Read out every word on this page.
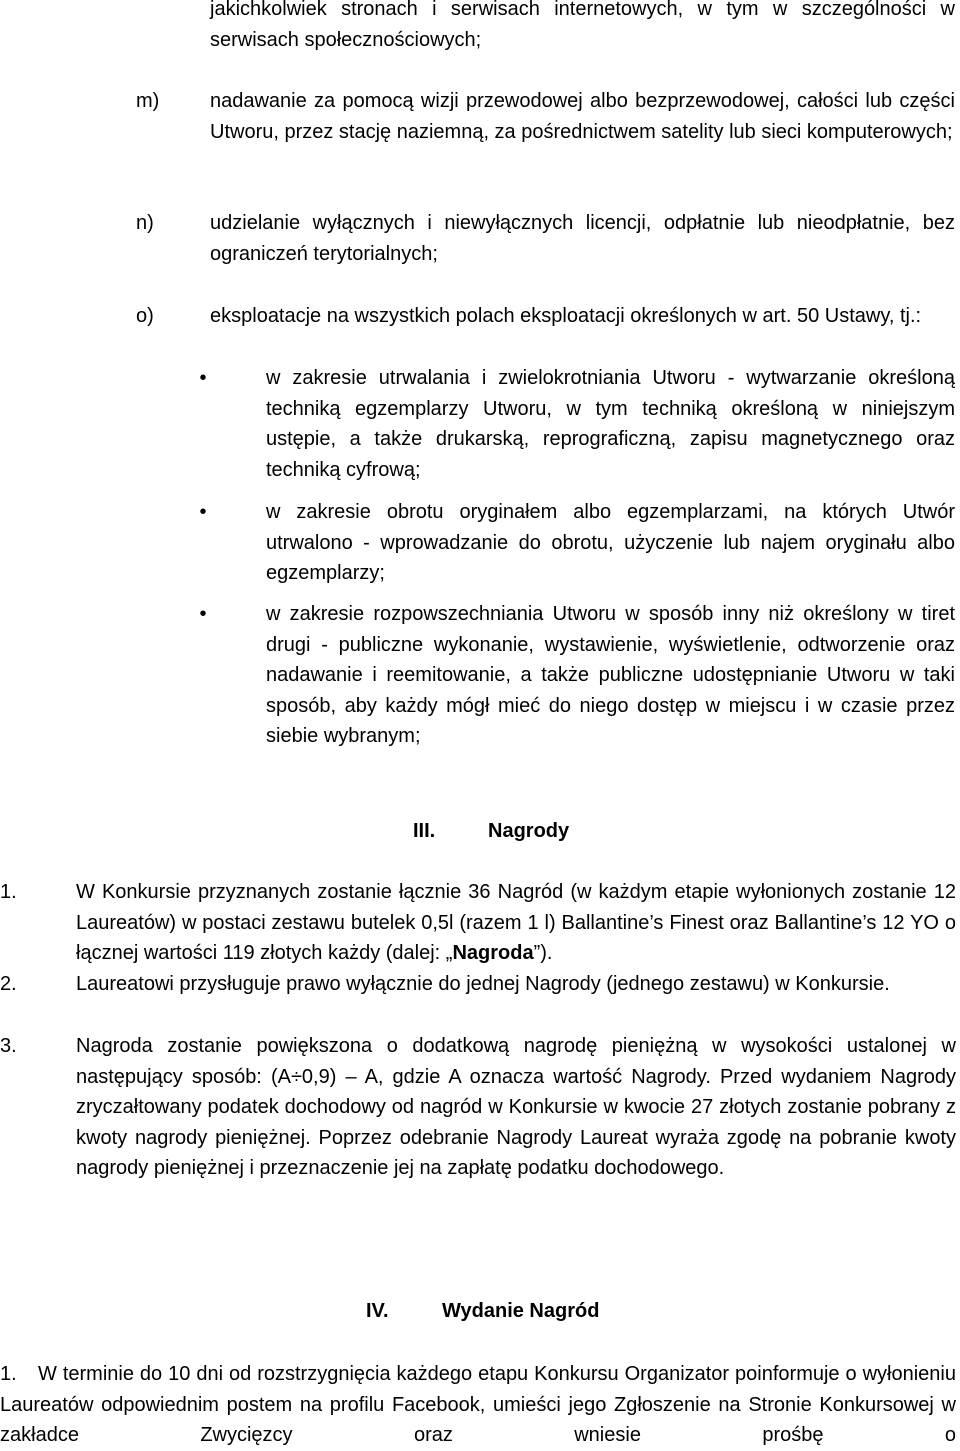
jakichkolwiek stronach i serwisach internetowych, w tym w szczególności w serwisach społecznościowych;
m)	nadawanie za pomocą wizji przewodowej albo bezprzewodowej, całości lub części Utworu, przez stację naziemną, za pośrednictwem satelity lub sieci komputerowych;
n)	udzielanie wyłącznych i niewyłącznych licencji, odpłatnie lub nieodpłatnie, bez ograniczeń terytorialnych;
o)	eksploatacje na wszystkich polach eksploatacji określonych w art. 50 Ustawy, tj.:
•	w zakresie utrwalania i zwielokrotniania Utworu - wytwarzanie określoną techniką egzemplarzy Utworu, w tym techniką określoną w niniejszym ustępie, a także drukarską, reprograficzną, zapisu magnetycznego oraz techniką cyfrową;
•	w zakresie obrotu oryginałem albo egzemplarzami, na których Utwór utrwalono - wprowadzanie do obrotu, użyczenie lub najem oryginału albo egzemplarzy;
•	w zakresie rozpowszechniania Utworu w sposób inny niż określony w tiret drugi - publiczne wykonanie, wystawienie, wyświetlenie, odtworzenie oraz nadawanie i reemitowanie, a także publiczne udostępnianie Utworu w taki sposób, aby każdy mógł mieć do niego dostęp w miejscu i w czasie przez siebie wybranym;
III.	Nagrody
1.	W Konkursie przyznanych zostanie łącznie 36 Nagród (w każdym etapie wyłonionych zostanie 12 Laureatów) w postaci zestawu butelek 0,5l (razem 1 l) Ballantine’s Finest oraz Ballantine’s 12 YO o łącznej wartości 119 złotych każdy (dalej: „Nagroda”).
2.	Laureatowi przysługuje prawo wyłącznie do jednej Nagrody (jednego zestawu) w Konkursie.
3.	Nagroda zostanie powiększona o dodatkową nagrodę pieniężną w wysokości ustalonej w następujący sposób: (A÷0,9) – A, gdzie A oznacza wartość Nagrody. Przed wydaniem Nagrody zryczałtowany podatek dochodowy od nagród w Konkursie w kwocie 27 złotych zostanie pobrany z kwoty nagrody pieniężnej. Poprzez odebranie Nagrody Laureat wyraża zgodę na pobranie kwoty nagrody pieniężnej i przeznaczenie jej na zapłatę podatku dochodowego.
IV.	Wydanie Nagród
1.	W terminie do 10 dni od rozstrzygnięcia każdego etapu Konkursu Organizator poinformuje o wyłonieniu Laureatów odpowiednim postem na profilu Facebook, umieści jego Zgłoszenie na Stronie Konkursowej w zakładce Zwycięzcy oraz wniesie prośbę o
